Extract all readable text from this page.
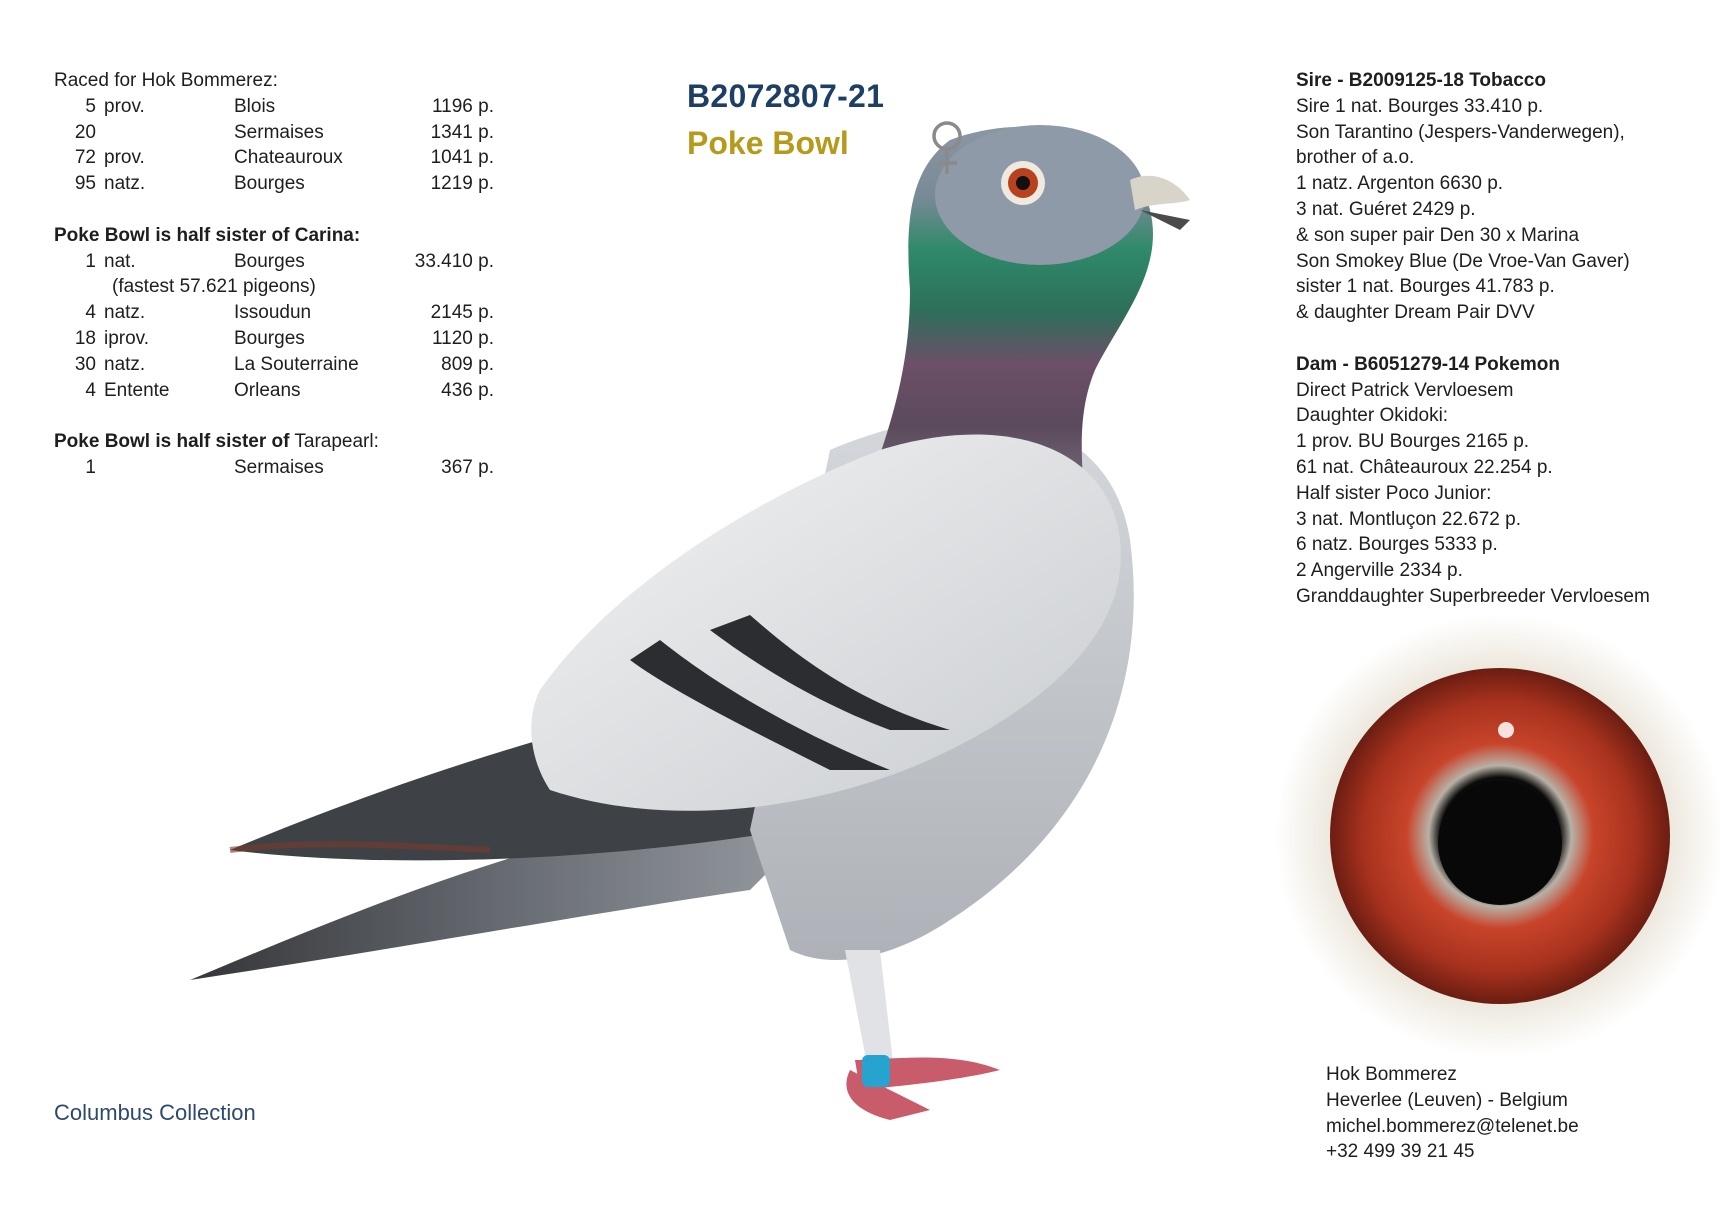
Raced for Hok Bommerez:
5 prov.	Blois	1196 p.
20	Sermaises	1341 p.
72 prov.	Chateauroux	1041 p.
95 natz.	Bourges	1219 p.
Poke Bowl is half sister of Carina:
1 nat.	Bourges	33.410 p.
(fastest 57.621 pigeons)
4 natz.	Issoudun	2145 p.
18 iprov.	Bourges	1120 p.
30 natz.	La Souterraine	809 p.
4 Entente	Orleans	436 p.
Poke Bowl is half sister of Tarapearl:
1	Sermaises	367 p.
B2072807-21
Poke Bowl
Sire - B2009125-18 Tobacco
Sire 1 nat. Bourges 33.410 p.
Son Tarantino (Jespers-Vanderwegen),
brother of a.o.
1 natz. Argenton 6630 p.
3 nat. Guéret 2429 p.
& son super pair Den 30 x Marina
Son Smokey Blue (De Vroe-Van Gaver)
sister 1 nat. Bourges 41.783 p.
& daughter Dream Pair DVV
Dam - B6051279-14 Pokemon
Direct Patrick Vervloesem
Daughter Okidoki:
1 prov. BU Bourges 2165 p.
61 nat. Châteauroux 22.254 p.
Half sister Poco Junior:
3 nat. Montluçon 22.672 p.
6 natz. Bourges 5333 p.
2 Angerville 2334 p.
Granddaughter Superbreeder Vervloesem
Columbus Collection
Hok Bommerez
Heverlee (Leuven) - Belgium
michel.bommerez@telenet.be
+32 499 39 21 45
